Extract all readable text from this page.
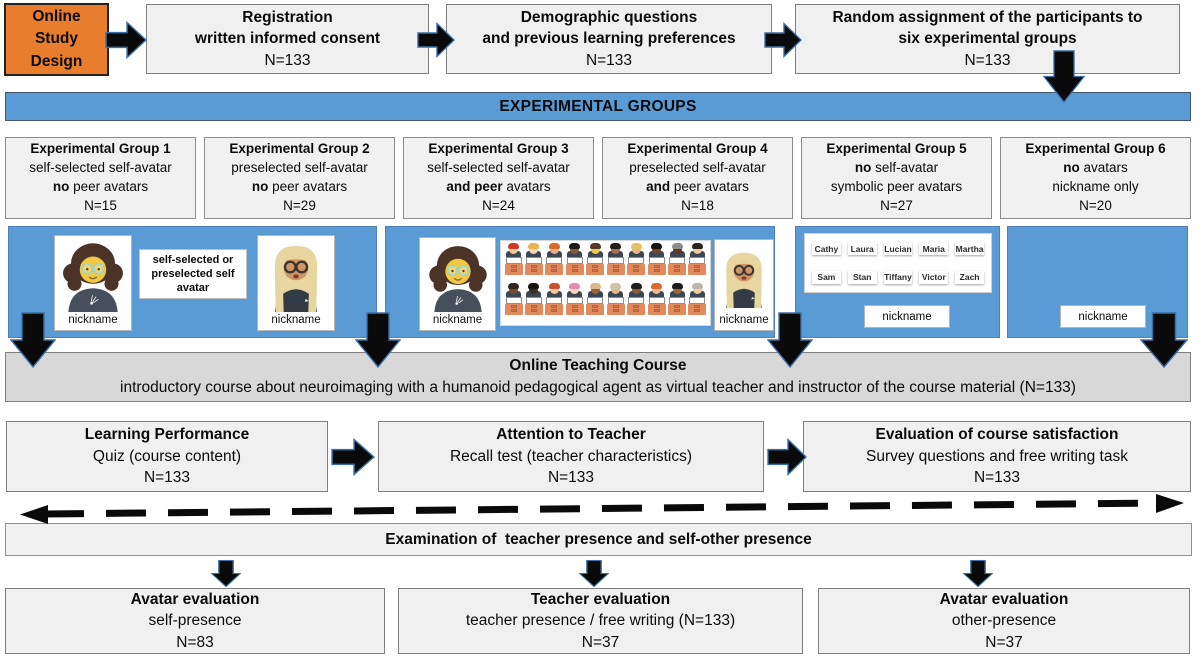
Online
Study
Design
Registration
written informed consent
N=133
Demographic questions
and previous learning preferences
N=133
Random assignment of the participants to
six experimental groups
N=133
EXPERIMENTAL GROUPS
Experimental Group 1
self-selected self-avatar
no peer avatars
N=15
Experimental Group 2
preselected self-avatar
no peer avatars
N=29
Experimental Group 3
self-selected self-avatar
and peer avatars
N=24
Experimental Group 4
preselected self-avatar
and peer avatars
N=18
Experimental Group 5
no self-avatar
symbolic peer avatars
N=27
Experimental Group 6
no avatars
nickname only
N=20
nickname
self-selected or preselected self avatar
nickname	nickname	nickname
Cathy	Laura	Lucian	Maria	Martha
Sam	Stan	Tiffany Victor	Zach
nickname	nickname
Online Teaching Course
introductory course about neuroimaging with a humanoid pedagogical agent as virtual teacher and instructor of the course material (N=133)
Learning Performance
Quiz (course content)
N=133
Attention to Teacher
Recall test (teacher characteristics)
N=133
Evaluation of course satisfaction
Survey questions and free writing task
N=133
Examination of  teacher presence and self-other presence
Avatar evaluation
self-presence
N=83
Teacher evaluation
teacher presence / free writing (N=133)
N=37
Avatar evaluation
other-presence
N=37
